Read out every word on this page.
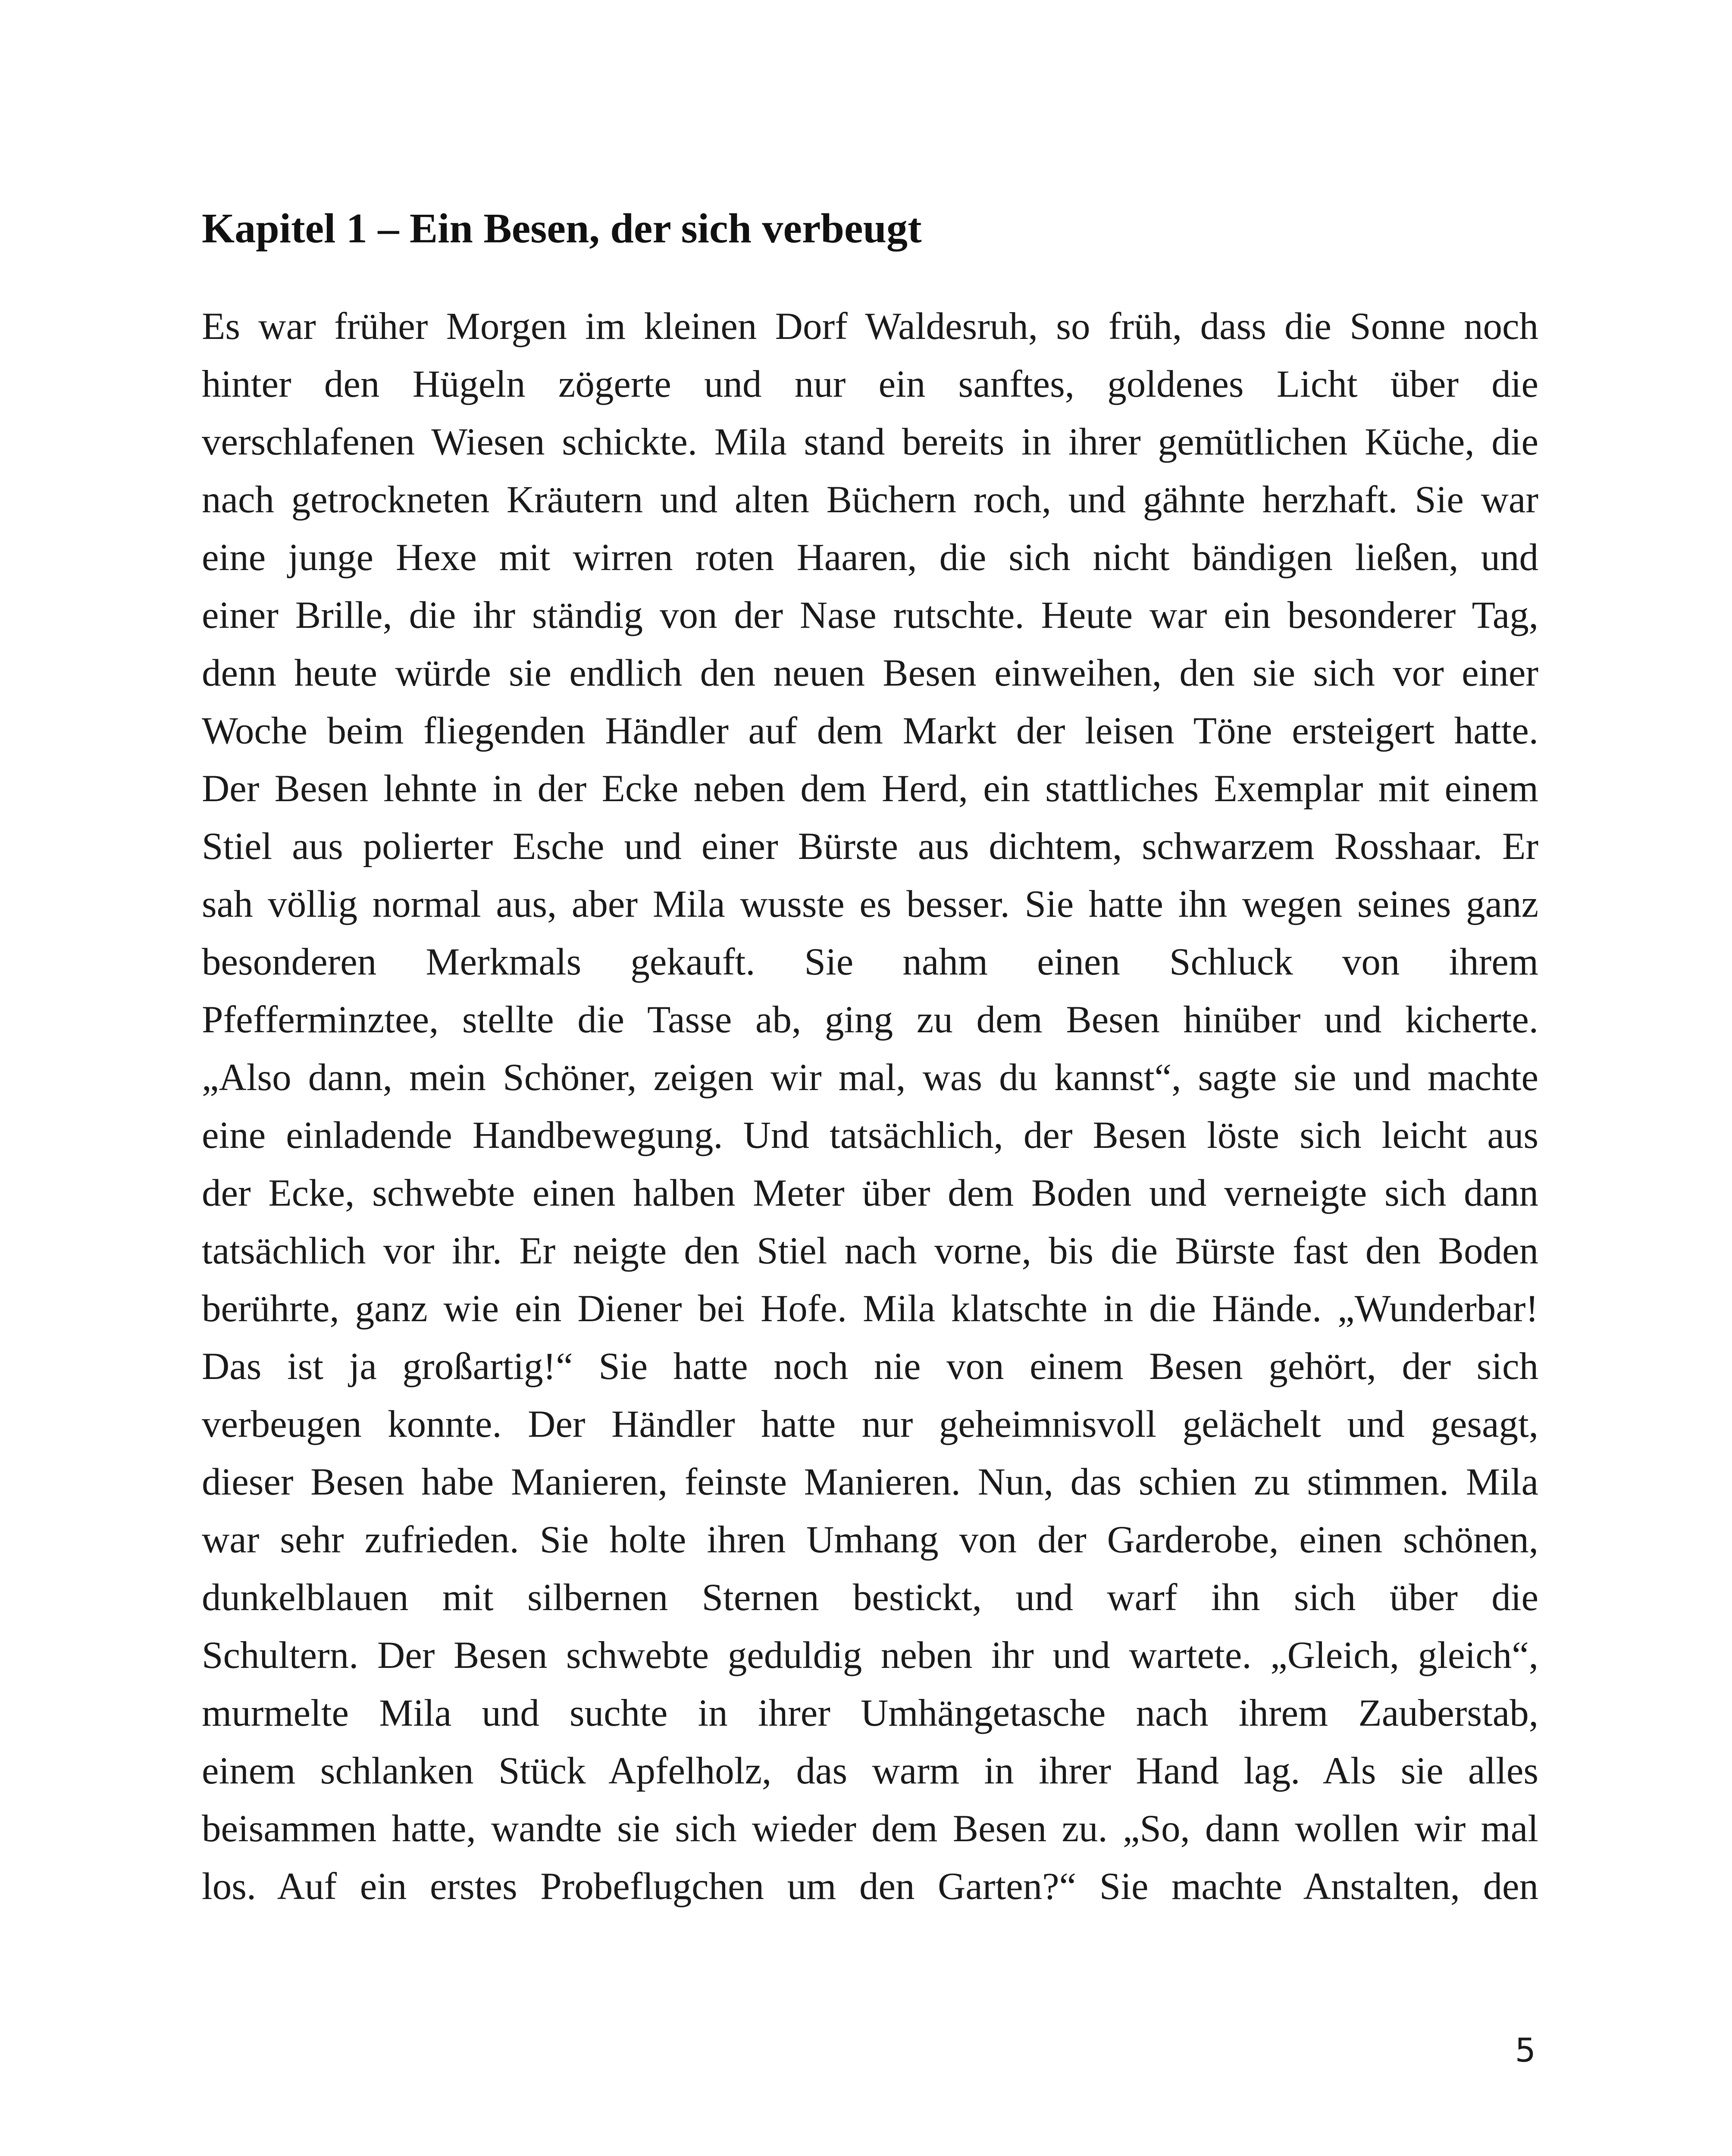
Kapitel 1 – Ein Besen, der sich verbeugt
Es war früher Morgen im kleinen Dorf Waldesruh, so früh, dass die Sonne noch
hinter den Hügeln zögerte und nur ein sanftes, goldenes Licht über die
verschlafenen Wiesen schickte. Mila stand bereits in ihrer gemütlichen Küche, die
nach getrockneten Kräutern und alten Büchern roch, und gähnte herzhaft. Sie war
eine junge Hexe mit wirren roten Haaren, die sich nicht bändigen ließen, und
einer Brille, die ihr ständig von der Nase rutschte. Heute war ein besonderer Tag,
denn heute würde sie endlich den neuen Besen einweihen, den sie sich vor einer
Woche beim fliegenden Händler auf dem Markt der leisen Töne ersteigert hatte.
Der Besen lehnte in der Ecke neben dem Herd, ein stattliches Exemplar mit einem
Stiel aus polierter Esche und einer Bürste aus dichtem, schwarzem Rosshaar. Er
sah völlig normal aus, aber Mila wusste es besser. Sie hatte ihn wegen seines ganz
besonderen Merkmals gekauft. Sie nahm einen Schluck von ihrem
Pfefferminztee, stellte die Tasse ab, ging zu dem Besen hinüber und kicherte.
„Also dann, mein Schöner, zeigen wir mal, was du kannst“, sagte sie und machte
eine einladende Handbewegung. Und tatsächlich, der Besen löste sich leicht aus
der Ecke, schwebte einen halben Meter über dem Boden und verneigte sich dann
tatsächlich vor ihr. Er neigte den Stiel nach vorne, bis die Bürste fast den Boden
berührte, ganz wie ein Diener bei Hofe. Mila klatschte in die Hände. „Wunderbar!
Das ist ja großartig!“ Sie hatte noch nie von einem Besen gehört, der sich
verbeugen konnte. Der Händler hatte nur geheimnisvoll gelächelt und gesagt,
dieser Besen habe Manieren, feinste Manieren. Nun, das schien zu stimmen. Mila
war sehr zufrieden. Sie holte ihren Umhang von der Garderobe, einen schönen,
dunkelblauen mit silbernen Sternen bestickt, und warf ihn sich über die
Schultern. Der Besen schwebte geduldig neben ihr und wartete. „Gleich, gleich“,
murmelte Mila und suchte in ihrer Umhängetasche nach ihrem Zauberstab,
einem schlanken Stück Apfelholz, das warm in ihrer Hand lag. Als sie alles
beisammen hatte, wandte sie sich wieder dem Besen zu. „So, dann wollen wir mal
los. Auf ein erstes Probeflugchen um den Garten?“ Sie machte Anstalten, den
5
